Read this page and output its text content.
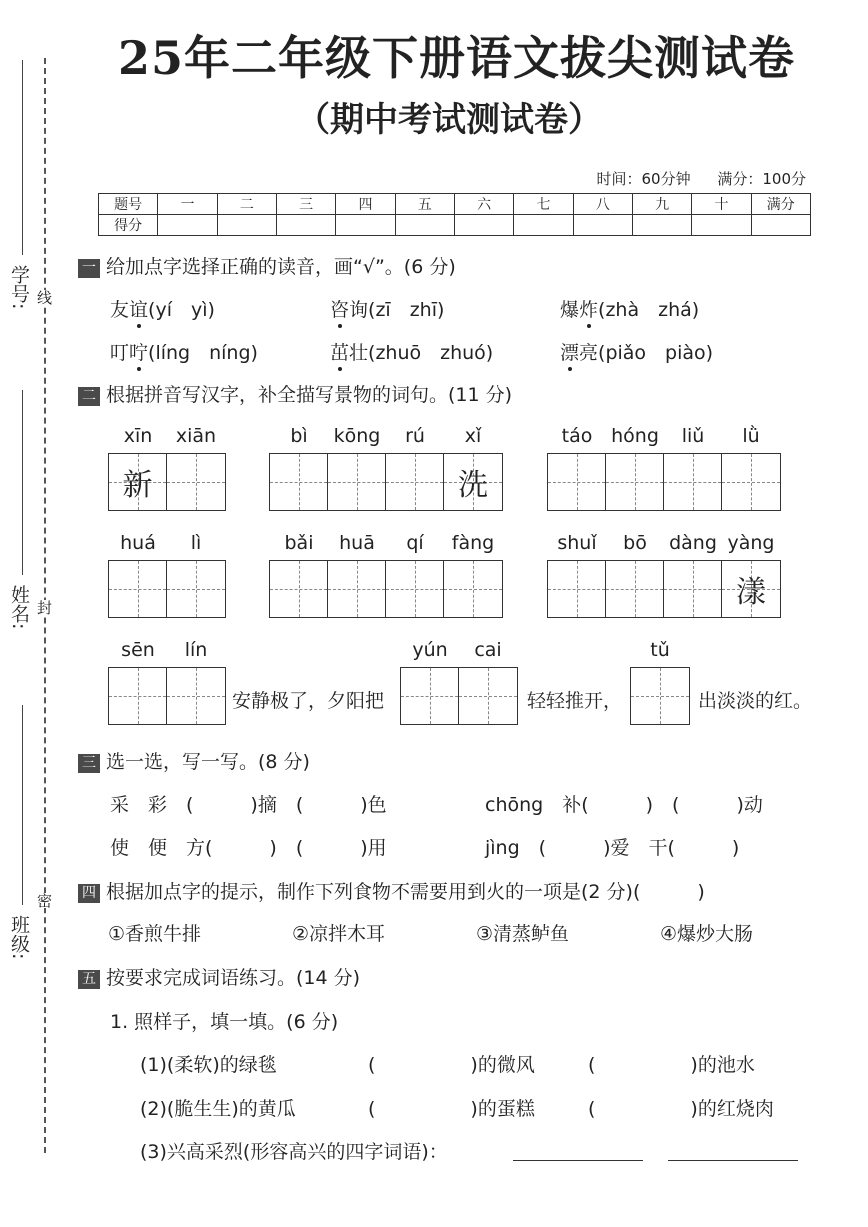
学号: 线
姓名: 封
班级:
密
25年二年级下册语文拔尖测试卷
（期中考试测试卷）
时间：60分钟 满分：100分
题号	一	二	三	四	五	六	七	八	九	十	满分
得分											
一 给加点字选择正确的读音，画“√”。(6 分)
友谊(yí　yì)	咨询(zī　zhī)	爆炸(zhà　zhá)
叮咛(líng　níng)	茁壮(zhuō　zhuó)	漂亮(piǎo　piào)
二 根据拼音写汉字，补全描写景物的词句。(11 分)
xīn	xiān
新
bì	kōng	rú	xǐ
洗
táo hóng	liǔ	lǜ
huá	lì	bǎi	huā	qí	fàng	shuǐ	bō	dàng yàng
漾
sēn	lín	yún	cai	tǔ
安静极了，夕阳把	轻轻推开，	出淡淡的红。
三 选一选，写一写。(8 分)
采　彩　(　　　)摘　(　　　)色	chōng　补(　　　)　(　　　)动
使　便　方(　　　)　(　　　)用	jìng　(　　　)爱　干(　　　)
四 根据加点字的提示，制作下列食物不需要用到火的一项是(2 分)(　　　)
①香煎牛排	②凉拌木耳	③清蒸鲈鱼	④爆炒大肠
五 按要求完成词语练习。(14 分)
1. 照样子，填一填。(6 分)
(1)(柔软)的绿毯	(　　　　　)的微风	(　　　　　)的池水
(2)(脆生生)的黄瓜	(　　　　　)的蛋糕	(　　　　　)的红烧肉
(3)兴高采烈(形容高兴的四字词语)：
